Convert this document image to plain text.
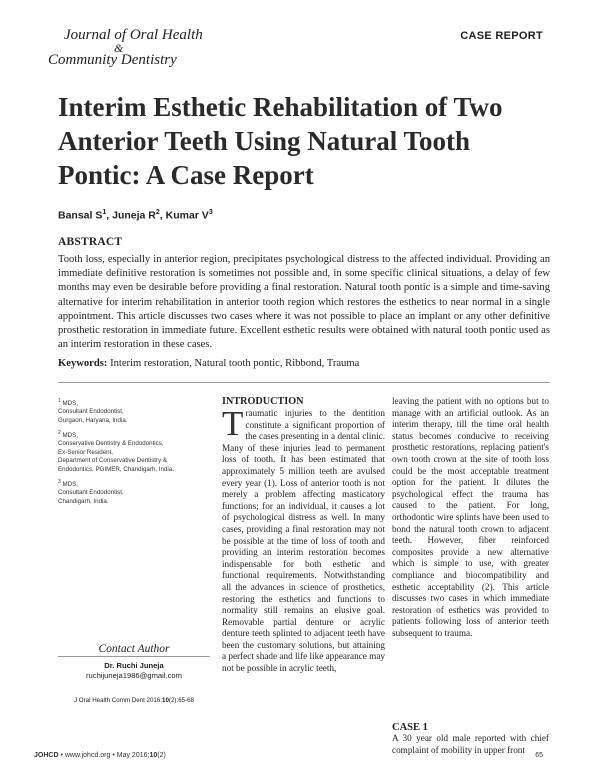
Journal of Oral Health
&
Community Dentistry
CASE REPORT
Interim Esthetic Rehabilitation of Two Anterior Teeth Using Natural Tooth Pontic: A Case Report
Bansal $S^1$, Juneja $R^2$, Kumar $V^3$
ABSTRACT
Tooth loss, especially in anterior region, precipitates psychological distress to the affected individual. Providing an immediate definitive restoration is sometimes not possible and, in some specific clinical situations, a delay of few months may even be desirable before providing a final restoration. Natural tooth pontic is a simple and time-saving alternative for interim rehabilitation in anterior tooth region which restores the esthetics to near normal in a single appointment. This article discusses two cases where it was not possible to place an implant or any other definitive prosthetic restoration in immediate future. Excellent esthetic results were obtained with natural tooth pontic used as an interim restoration in these cases.
Keywords: Interim restoration, Natural tooth pontic, Ribbond, Trauma
$^1$ MDS,
Consultant Endodontist,
Gurgaon, Haryana, India.
$^2$ MDS,
Conservative Dentistry & Endodontics,
Ex-Senior Resident,
Department of Conservative Dentistry &
Endodontics, PGIMER, Chandigarh, India.
$^3$ MDS,
Consultant Endodontist,
Chandigarh, India.
Contact Author
Dr. Ruchi Juneja
ruchijuneja1986@gmail.com
J Oral Health Comm Dent 2016;10(2):65-68
INTRODUCTION
Traumatic injuries to the dentition constitute a significant proportion of the cases presenting in a dental clinic. Many of these injuries lead to permanent loss of tooth. It has been estimated that approximately 5 million teeth are avulsed every year (1). Loss of anterior tooth is not merely a problem affecting masticatory functions; for an individual, it causes a lot of psychological distress as well. In many cases, providing a final restoration may not be possible at the time of loss of tooth and providing an interim restoration becomes indispensable for both esthetic and functional requirements. Notwithstanding all the advances in science of prosthetics, restoring the esthetics and functions to normality still remains an elusive goal. Removable partial denture or acrylic denture teeth splinted to adjacent teeth have been the customary solutions, but attaining a perfect shade and life like appearance may not be possible in acrylic teeth,
leaving the patient with no options but to manage with an artificial outlook. As an interim therapy, till the time oral health status becomes conducive to receiving prosthetic restorations, replacing patient's own tooth crown at the site of tooth loss could be the most acceptable treatment option for the patient. It dilutes the psychological effect the trauma has caused to the patient. For long, orthodontic wire splints have been used to bond the natural tooth crown to adjacent teeth. However, fiber reinforced composites provide a new alternative which is simple to use, with greater compliance and biocompatibility and esthetic acceptability (2). This article discusses two cases in which immediate restoration of esthetics was provided to patients following loss of anterior teeth subsequent to trauma.
CASE 1
A 30 year old male reported with chief complaint of mobility in upper front
JOHCD • www.johcd.org • May 2016;10(2)	65
